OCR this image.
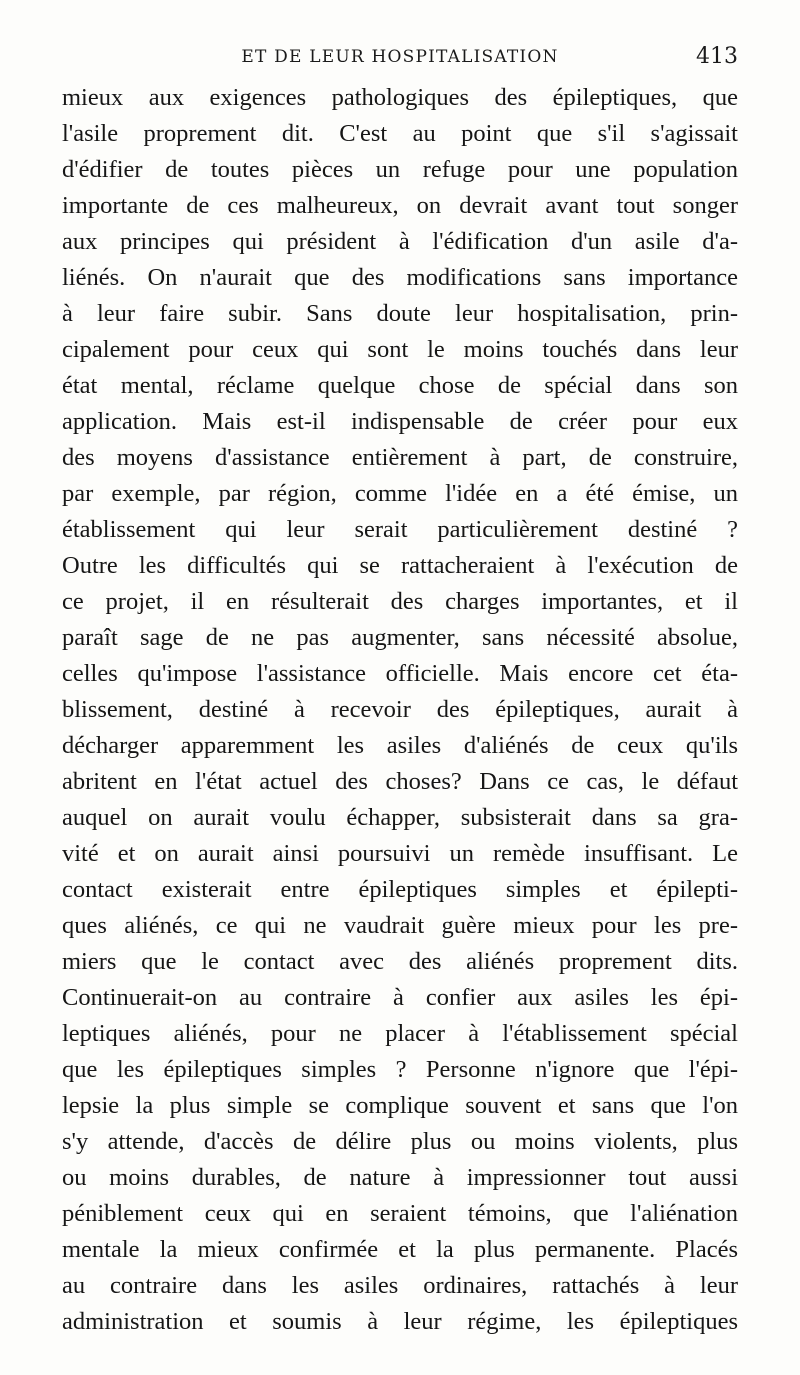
ET DE LEUR HOSPITALISATION	413
mieux aux exigences pathologiques des épileptiques, que
l'asile proprement dit. C'est au point que s'il s'agissait
d'édifier de toutes pièces un refuge pour une population
importante de ces malheureux, on devrait avant tout songer
aux principes qui président à l'édification d'un asile d'a-
liénés. On n'aurait que des modifications sans importance
à leur faire subir. Sans doute leur hospitalisation, prin-
cipalement pour ceux qui sont le moins touchés dans leur
état mental, réclame quelque chose de spécial dans son
application. Mais est-il indispensable de créer pour eux
des moyens d'assistance entièrement à part, de construire,
par exemple, par région, comme l'idée en a été émise, un
établissement qui leur serait particulièrement destiné ?
Outre les difficultés qui se rattacheraient à l'exécution de
ce projet, il en résulterait des charges importantes, et il
paraît sage de ne pas augmenter, sans nécessité absolue,
celles qu'impose l'assistance officielle. Mais encore cet éta-
blissement, destiné à recevoir des épileptiques, aurait à
décharger apparemment les asiles d'aliénés de ceux qu'ils
abritent en l'état actuel des choses? Dans ce cas, le défaut
auquel on aurait voulu échapper, subsisterait dans sa gra-
vité et on aurait ainsi poursuivi un remède insuffisant. Le
contact existerait entre épileptiques simples et épilepti-
ques aliénés, ce qui ne vaudrait guère mieux pour les pre-
miers que le contact avec des aliénés proprement dits.
Continuerait-on au contraire à confier aux asiles les épi-
leptiques aliénés, pour ne placer à l'établissement spécial
que les épileptiques simples ? Personne n'ignore que l'épi-
lepsie la plus simple se complique souvent et sans que l'on
s'y attende, d'accès de délire plus ou moins violents, plus
ou moins durables, de nature à impressionner tout aussi
péniblement ceux qui en seraient témoins, que l'aliénation
mentale la mieux confirmée et la plus permanente. Placés
au contraire dans les asiles ordinaires, rattachés à leur
administration et soumis à leur régime, les épileptiques
